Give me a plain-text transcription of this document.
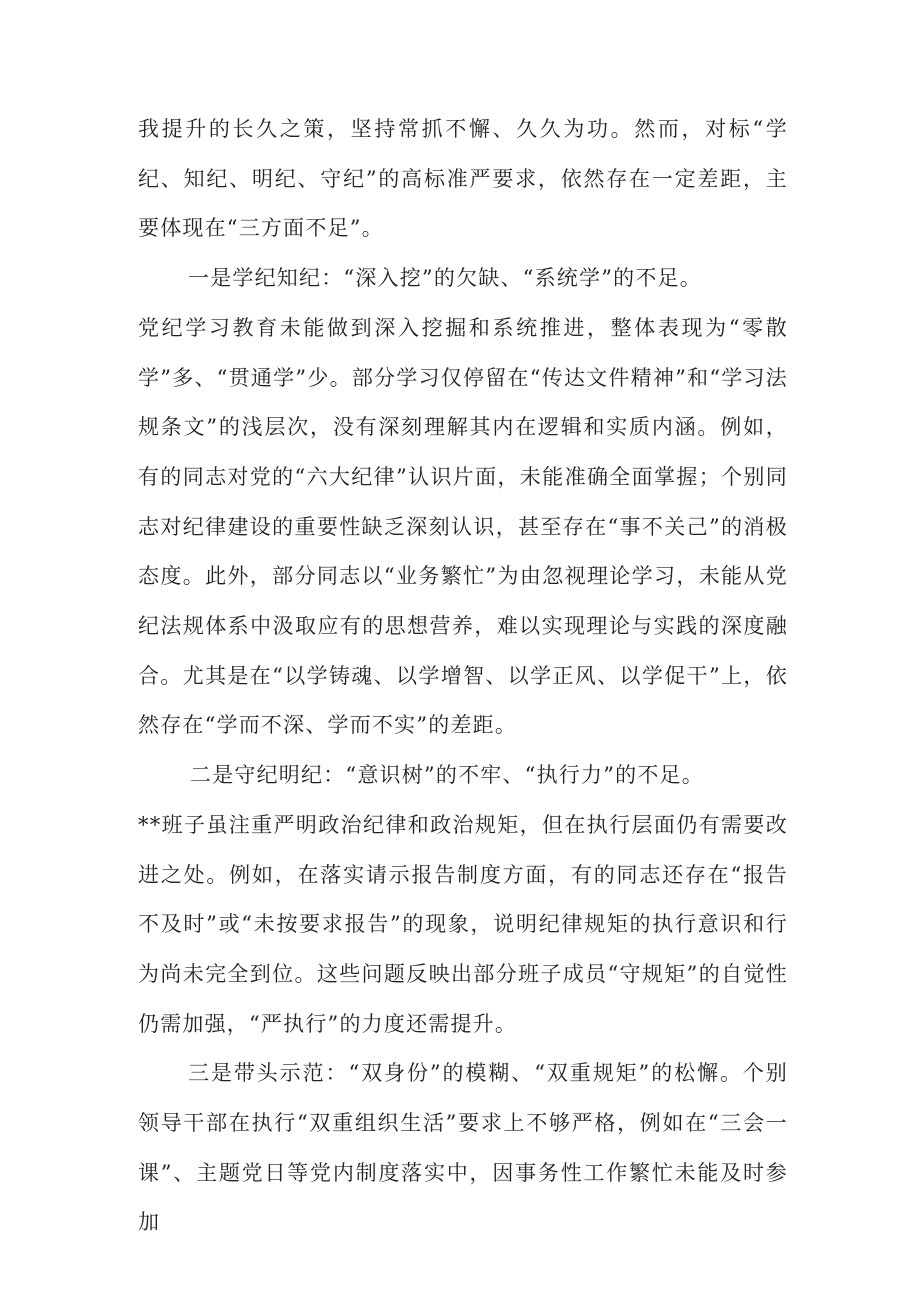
我提升的长久之策，坚持常抓不懈、久久为功。然而，对标“学纪、知纪、明纪、守纪”的高标准严要求，依然存在一定差距，主要体现在“三方面不足”。

一是学纪知纪：“深入挖”的欠缺、“系统学”的不足。

党纪学习教育未能做到深入挖掘和系统推进，整体表现为“零散学”多、“贯通学”少。部分学习仅停留在“传达文件精神”和“学习法规条文”的浅层次，没有深刻理解其内在逻辑和实质内涵。例如，有的同志对党的“六大纪律”认识片面，未能准确全面掌握；个别同志对纪律建设的重要性缺乏深刻认识，甚至存在“事不关己”的消极态度。此外，部分同志以“业务繁忙”为由忽视理论学习，未能从党纪法规体系中汲取应有的思想营养，难以实现理论与实践的深度融合。尤其是在“以学铸魂、以学增智、以学正风、以学促干”上，依然存在“学而不深、学而不实”的差距。

二是守纪明纪：“意识树”的不牢、“执行力”的不足。

**班子虽注重严明政治纪律和政治规矩，但在执行层面仍有需要改进之处。例如，在落实请示报告制度方面，有的同志还存在“报告不及时”或“未按要求报告”的现象，说明纪律规矩的执行意识和行为尚未完全到位。这些问题反映出部分班子成员“守规矩”的自觉性仍需加强，“严执行”的力度还需提升。

三是带头示范：“双身份”的模糊、“双重规矩”的松懈。个别领导干部在执行“双重组织生活”要求上不够严格，例如在“三会一课”、主题党日等党内制度落实中，因事务性工作繁忙未能及时参加
